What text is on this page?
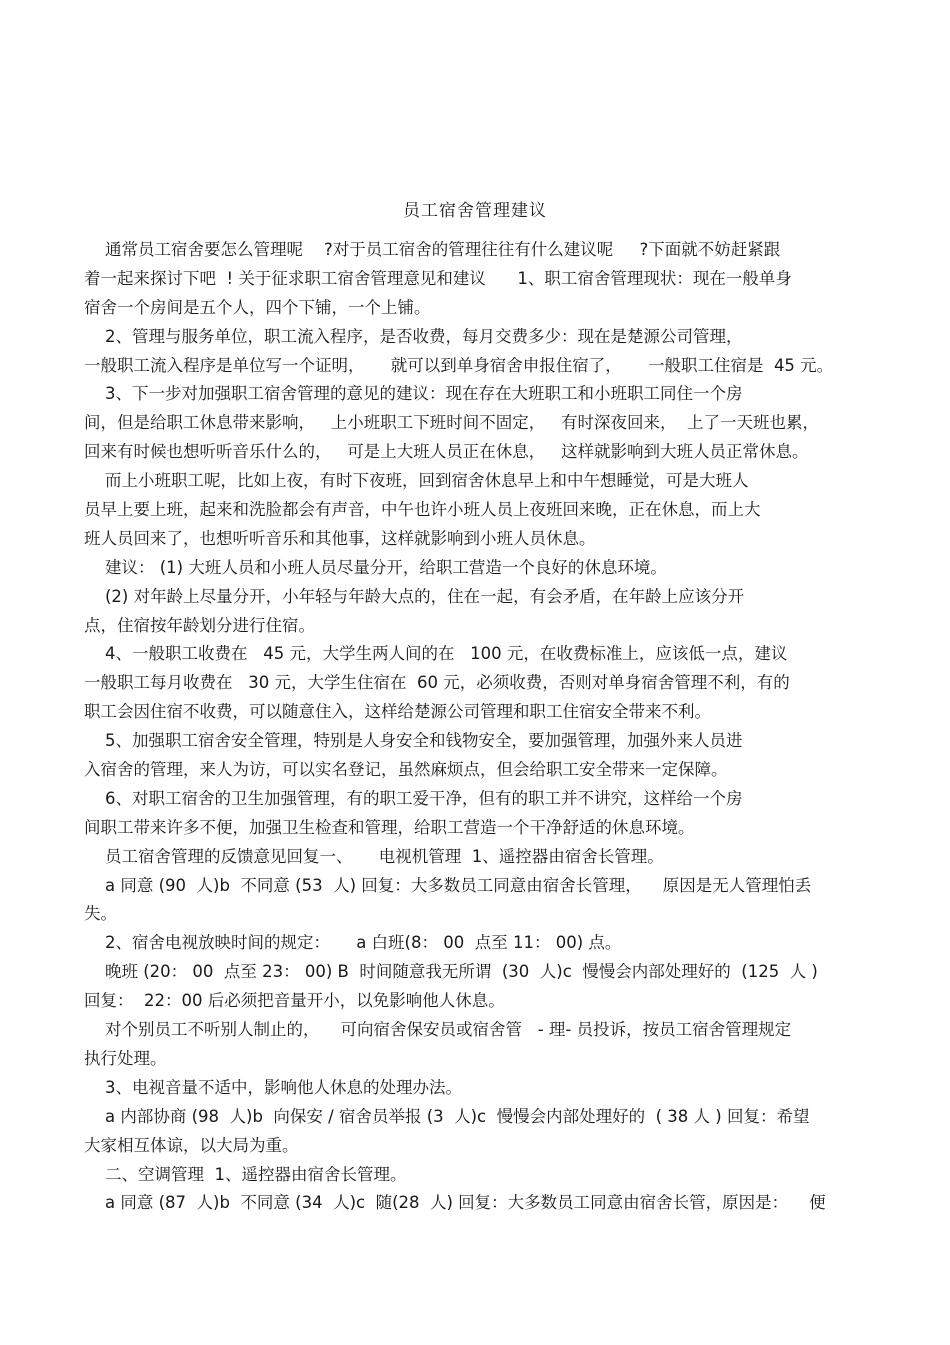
员工宿舍管理建议
通常员工宿舍要怎么管理呢    ?对于员工宿舍的管理往往有什么建议呢     ?下面就不妨赶紧跟
着一起来探讨下吧  ! 关于征求职工宿舍管理意见和建议      1、职工宿舍管理现状：现在一般单身
宿舍一个房间是五个人，四个下铺，一个上铺。
2、管理与服务单位，职工流入程序，是否收费，每月交费多少：现在是楚源公司管理，
一般职工流入程序是单位写一个证明，     就可以到单身宿舍申报住宿了，     一般职工住宿是  45 元。
3、下一步对加强职工宿舍管理的意见的建议：现在存在大班职工和小班职工同住一个房
间，但是给职工休息带来影响，   上小班职工下班时间不固定，   有时深夜回来，  上了一天班也累，
回来有时候也想听听音乐什么的，   可是上大班人员正在休息，   这样就影响到大班人员正常休息。
而上小班职工呢，比如上夜，有时下夜班，回到宿舍休息早上和中午想睡觉，可是大班人
员早上要上班，起来和洗脸都会有声音，中午也许小班人员上夜班回来晚，正在休息，而上大
班人员回来了，也想听听音乐和其他事，这样就影响到小班人员休息。
建议： (1) 大班人员和小班人员尽量分开，给职工营造一个良好的休息环境。
(2) 对年龄上尽量分开，小年轻与年龄大点的，住在一起，有会矛盾，在年龄上应该分开
点，住宿按年龄划分进行住宿。
4、一般职工收费在   45 元，大学生两人间的在   100 元，在收费标准上，应该低一点，建议
一般职工每月收费在   30 元，大学生住宿在  60 元，必须收费，否则对单身宿舍管理不利，有的
职工会因住宿不收费，可以随意住入，这样给楚源公司管理和职工住宿安全带来不利。
5、加强职工宿舍安全管理，特别是人身安全和钱物安全，要加强管理，加强外来人员进
入宿舍的管理，来人为访，可以实名登记，虽然麻烦点，但会给职工安全带来一定保障。
6、对职工宿舍的卫生加强管理，有的职工爱干净，但有的职工并不讲究，这样给一个房
间职工带来许多不便，加强卫生检查和管理，给职工营造一个干净舒适的休息环境。
员工宿舍管理的反馈意见回复一、     电视机管理  1、遥控器由宿舍长管理。
a 同意 (90  人)b  不同意 (53  人) 回复：大多数员工同意由宿舍长管理，    原因是无人管理怕丢
失。
2、宿舍电视放映时间的规定：     a 白班(8： 00  点至 11： 00) 点。
晚班 (20： 00  点至 23： 00) B  时间随意我无所谓  (30  人)c  慢慢会内部处理好的  (125  人 )
回复：  22：00 后必须把音量开小，以免影响他人休息。
对个别员工不听别人制止的，    可向宿舍保安员或宿舍管   - 理- 员投诉，按员工宿舍管理规定
执行处理。
3、电视音量不适中，影响他人休息的处理办法。
a 内部协商 (98  人)b  向保安 / 宿舍员举报 (3  人)c  慢慢会内部处理好的  ( 38 人 ) 回复：希望
大家相互体谅，以大局为重。
二、空调管理  1、遥控器由宿舍长管理。
a 同意 (87  人)b  不同意 (34  人)c  随(28  人) 回复：大多数员工同意由宿舍长管，原因是：    便
